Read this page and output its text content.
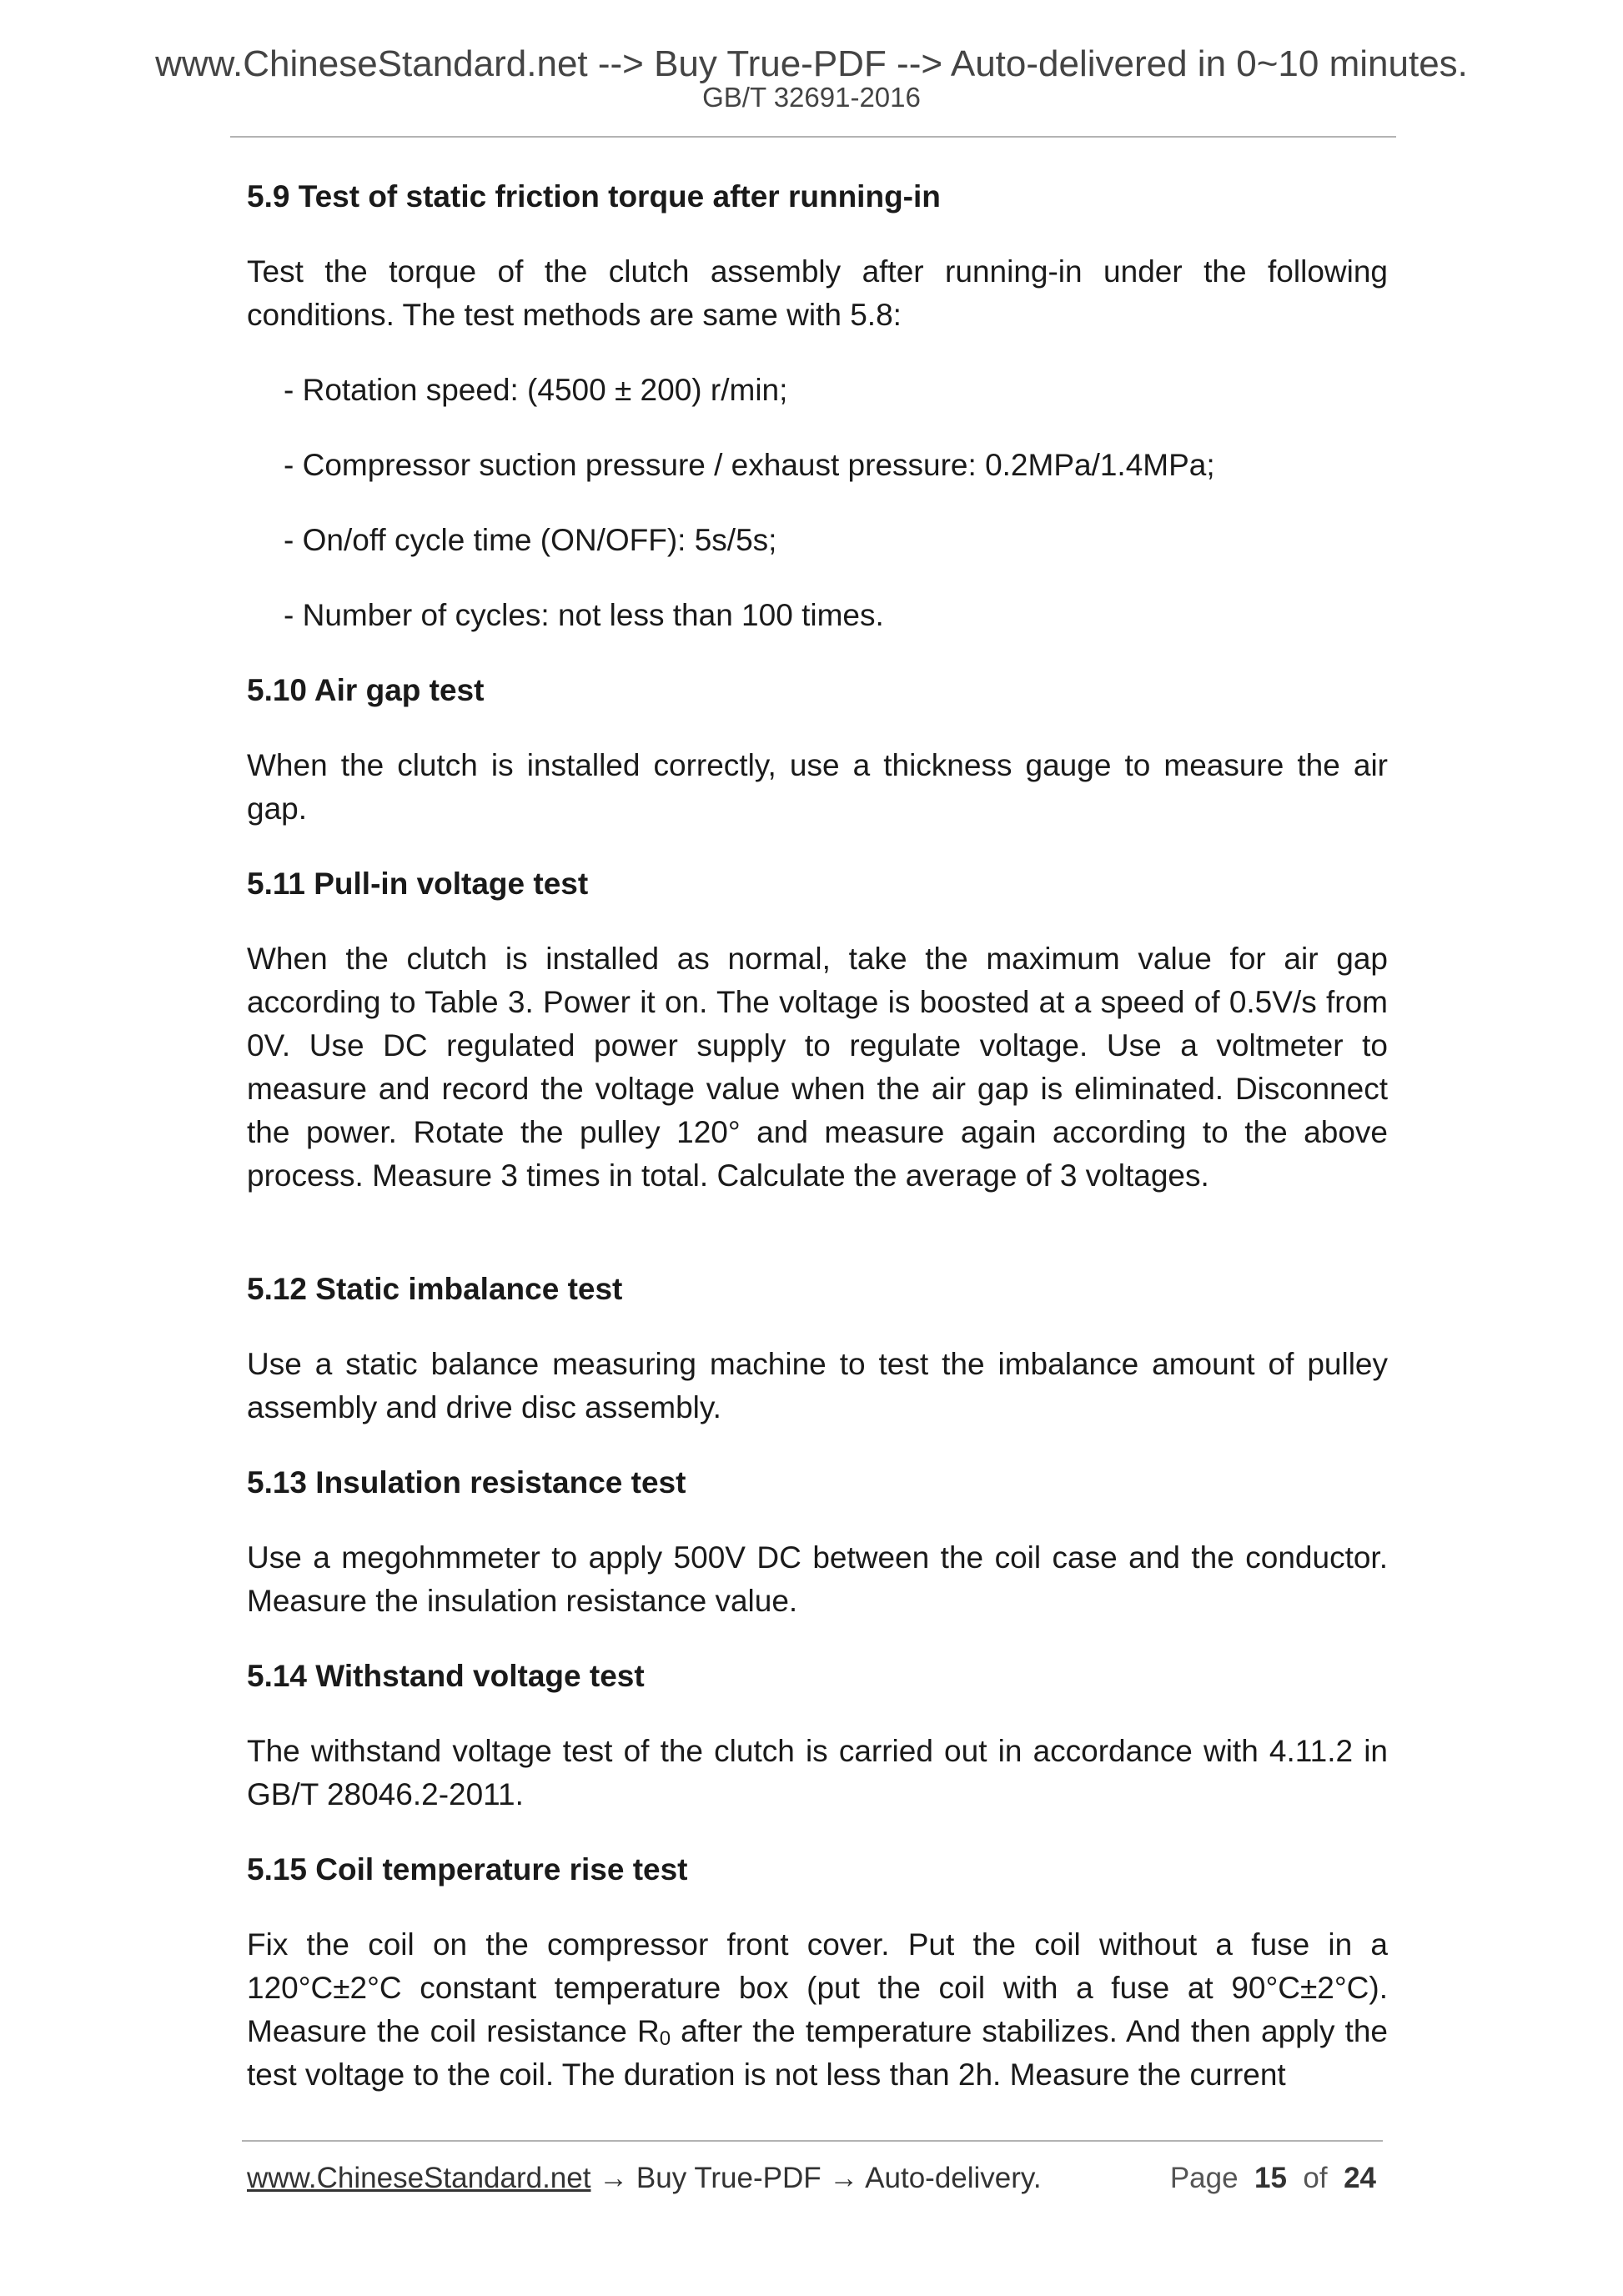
www.ChineseStandard.net --> Buy True-PDF --> Auto-delivered in 0~10 minutes.
GB/T 32691-2016
5.9 Test of static friction torque after running-in

Test the torque of the clutch assembly after running-in under the following conditions. The test methods are same with 5.8:

- Rotation speed: (4500 ± 200) r/min;
- Compressor suction pressure / exhaust pressure: 0.2MPa/1.4MPa;
- On/off cycle time (ON/OFF): 5s/5s;
- Number of cycles: not less than 100 times.
5.10 Air gap test

When the clutch is installed correctly, use a thickness gauge to measure the air gap.

5.11 Pull-in voltage test

When the clutch is installed as normal, take the maximum value for air gap according to Table 3. Power it on. The voltage is boosted at a speed of 0.5V/s from 0V. Use DC regulated power supply to regulate voltage. Use a voltmeter to measure and record the voltage value when the air gap is eliminated. Disconnect the power. Rotate the pulley 120° and measure again according to the above process. Measure 3 times in total. Calculate the average of 3 voltages.

5.12 Static imbalance test

Use a static balance measuring machine to test the imbalance amount of pulley assembly and drive disc assembly.

5.13 Insulation resistance test

Use a megohmmeter to apply 500V DC between the coil case and the conductor. Measure the insulation resistance value.

5.14 Withstand voltage test

The withstand voltage test of the clutch is carried out in accordance with 4.11.2 in GB/T 28046.2-2011.

5.15 Coil temperature rise test

Fix the coil on the compressor front cover. Put the coil without a fuse in a 120°C±2°C constant temperature box (put the coil with a fuse at 90°C±2°C). Measure the coil resistance $R_0$ after the temperature stabilizes. And then apply the test voltage to the coil. The duration is not less than 2h. Measure the current

www.ChineseStandard.net → Buy True-PDF → Auto-delivery.	Page 15 of 24
